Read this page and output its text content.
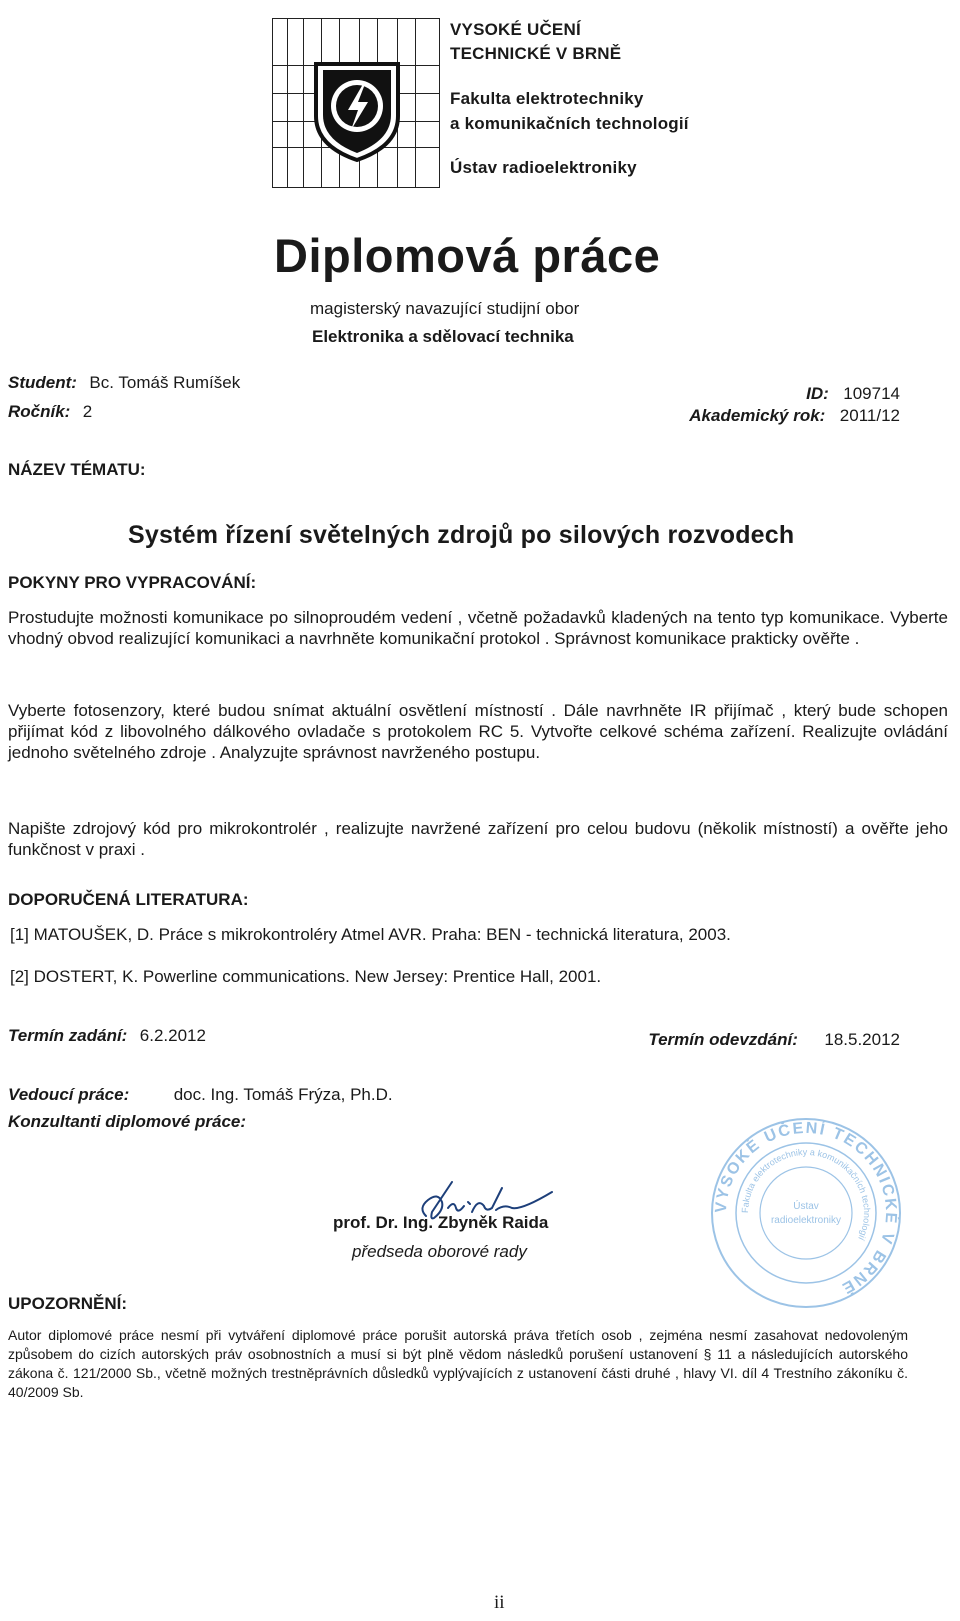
VYSOKÉ UČENÍ
TECHNICKÉ V BRNĚ
Fakulta elektrotechniky
a komunikačních technologií
Ústav radioelektroniky
Diplomová práce
magisterský navazující studijní obor
Elektronika a sdělovací technika
Student: Bc. Tomáš Rumíšek
Ročník: 2
ID: 109714
Akademický rok: 2011/12
NÁZEV TÉMATU:
Systém řízení světelných zdrojů po silových rozvodech
POKYNY PRO VYPRACOVÁNÍ:
Prostudujte možnosti komunikace po silnoproudém vedení , včetně požadavků kladených na tento typ komunikace. Vyberte vhodný obvod realizující komunikaci a navrhněte komunikační protokol . Správnost komunikace prakticky ověřte .
Vyberte fotosenzory, které budou snímat aktuální osvětlení místností . Dále navrhněte IR přijímač , který bude schopen přijímat kód z libovolného dálkového ovladače s protokolem RC 5. Vytvořte celkové schéma zařízení. Realizujte ovládání jednoho světelného zdroje . Analyzujte správnost navrženého postupu.
Napište zdrojový kód pro mikrokontrolér , realizujte navržené zařízení pro celou budovu (několik místností) a ověřte jeho funkčnost v praxi .
DOPORUČENÁ LITERATURA:
[1] MATOUŠEK, D. Práce s mikrokontroléry Atmel AVR. Praha: BEN - technická literatura, 2003.
[2] DOSTERT, K. Powerline communications. New Jersey: Prentice Hall, 2001.
Termín zadání: 6.2.2012	Termín odevzdání: 18.5.2012
Vedoucí práce:	doc. Ing. Tomáš Frýza, Ph.D.
Konzultanti diplomové práce:
VYSOKÉ UČENÍ TECHNICKÉ V BRNĚ
Fakulta elektrotechniky a komunikačních technologií
Ústav
radioelektroniky
prof. Dr. Ing. Zbyněk Raida
předseda oborové rady
UPOZORNĚNÍ:
Autor diplomové práce nesmí při vytváření diplomové práce porušit autorská práva třetích osob , zejména nesmí zasahovat nedovoleným způsobem do cizích autorských práv osobnostních a musí si být plně vědom následků porušení ustanovení § 11 a následujících autorského zákona č. 121/2000 Sb., včetně možných trestněprávních důsledků vyplývajících z ustanovení části druhé , hlavy VI. díl 4 Trestního zákoníku č. 40/2009 Sb.
ii
